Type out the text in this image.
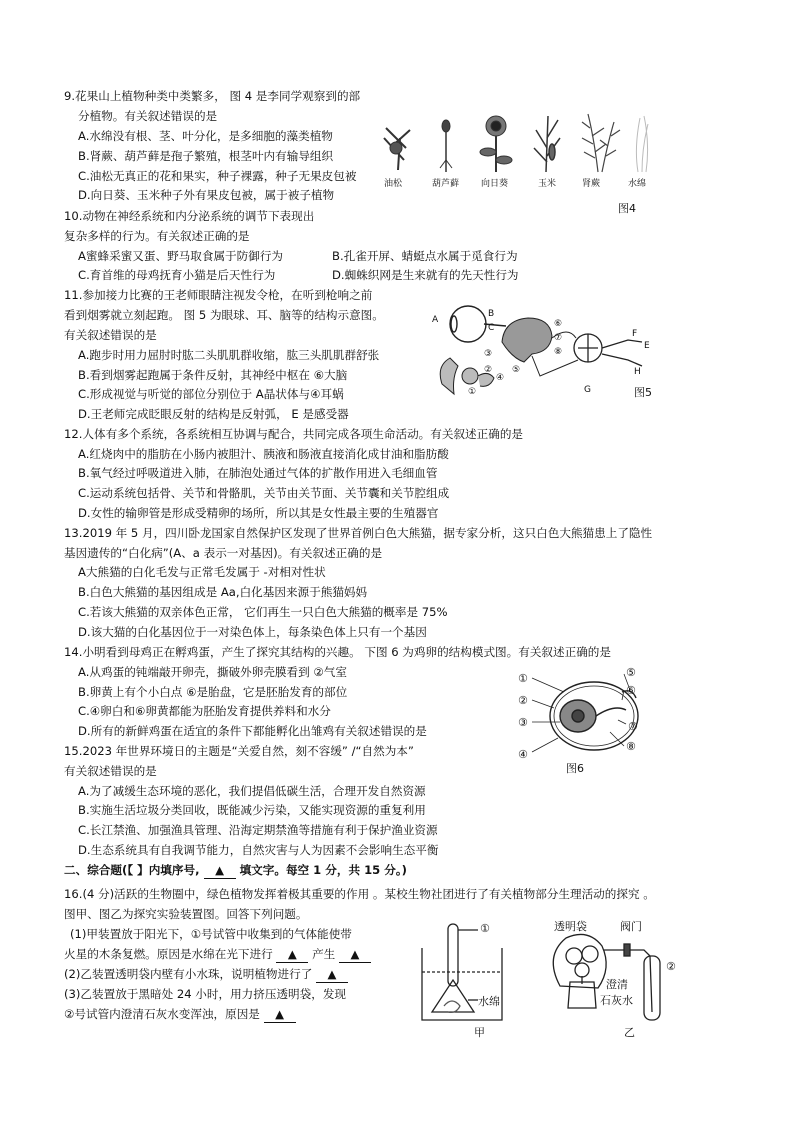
9.花果山上植物种类中类繁多， 图 4 是李同学观察到的部
分植物。有关叙述错误的是
A.水绵没有根、茎、叶分化，是多细胞的藻类植物
B.肾蕨、葫芦藓是孢子繁殖，根茎叶内有输导组织
C.油松无真正的花和果实，种子裸露，种子无果皮包被
D.向日葵、玉米种子外有果皮包被，属于被子植物
油松	葫芦藓 向日葵	玉米	肾蕨	水绵
图4
10.动物在神经系统和内分泌系统的调节下表现出
复杂多样的行为。有关叙述正确的是
A蜜蜂采蜜又蛋、野马取食属于防御行为	B.孔雀开屏、蜻蜓点水属于觅食行为
C.育首维的母鸡抚育小猫是后天性行为	D.蜘蛛织网是生来就有的先天性行为
11.参加接力比赛的王老师眼睛注视发令枪，在听到枪响之前
看到烟雾就立刻起跑。 图 5 为眼球、耳、脑等的结构示意图。
有关叙述错误的是
A.跑步时用力屈肘时肱二头肌肌群收缩，肱三头肌肌群舒张
B.看到烟雾起跑属于条件反射，其神经中枢在 ⑥大脑
C.形成视觉与听觉的部位分别位于 A晶状体与④耳蜗
D.王老师完成眨眼反射的结构是反射弧， E 是感受器
A
B
C	⑥
⑦
⑧
③
②
①
④
⑤
G
F
E
H
图5
12.人体有多个系统，各系统相互协调与配合，共同完成各项生命活动。有关叙述正确的是
A.红烧肉中的脂肪在小肠内被胆汁、胰液和肠液直接消化成甘油和脂肪酸
B.氧气经过呼吸道进入肺，在肺泡处通过气体的扩散作用进入毛细血管
C.运动系统包括骨、关节和骨骼肌，关节由关节面、关节囊和关节腔组成
D.女性的输卵管是形成受精卵的场所，所以其是女性最主要的生殖器官
13.2019 年 5 月，四川卧龙国家自然保护区发现了世界首例白色大熊猫，据专家分析，这只白色大熊猫患上了隐性
基因遗传的“白化病”(A、a 表示一对基因)。有关叙述正确的是
A大熊猫的白化毛发与正常毛发属于 -对相对性状
B.白色大熊猫的基因组成是 Aa,白化基因来源于熊猫妈妈
C.若该大熊猫的双亲体色正常， 它们再生一只白色大熊猫的概率是 75%
D.该大猫的白化基因位于一对染色体上，每条染色体上只有一个基因
14.小明看到母鸡正在孵鸡蛋，产生了探究其结构的兴趣。 下图 6 为鸡卵的结构模式图。有关叙述正确的是
A.从鸡蛋的钝端敲开卵壳，撕破外卵壳膜看到 ②气室
B.卵黄上有个小白点 ⑥是胎盘，它是胚胎发育的部位
C.④卵白和⑥卵黄都能为胚胎发育提供养料和水分
D.所有的新鲜鸡蛋在适宜的条件下都能孵化出雏鸡有关叙述错误的是
①
②
③
④
⑤
⑥
⑦
⑧
图6
15.2023 年世界环境日的主题是“关爱自然，刻不容缓” /“自然为本”
有关叙述错误的是
A.为了减缓生态环境的恶化，我们提倡低碳生活，合理开发自然资源
B.实施生活垃圾分类回收，既能减少污染，又能实现资源的重复利用
C.长江禁渔、加强渔具管理、沿海定期禁渔等措施有利于保护渔业资源
D.生态系统具有自我调节能力，自然灾害与人为因素不会影响生态平衡
二、综合题(【 】内填序号, ▲ 填文字。每空 1 分，共 15 分。)
16.(4 分)活跃的生物圈中，绿色植物发挥着极其重要的作用 。某校生物社团进行了有关植物部分生理活动的探究 。
图甲、图乙为探究实验装置图。回答下列问题。
(1)甲装置放于阳光下，①号试管中收集到的气体能使带
火星的木条复燃。原因是水绵在光下进行 ▲ 产生 ▲
(2)乙装置透明袋内壁有小水珠，说明植物进行了 ▲
(3)乙装置放于黑暗处 24 小时，用力挤压透明袋，发现
②号试管内澄清石灰水变浑浊，原因是 ▲
①
水绵
甲
透明袋	阀门
②
澄清
石灰水
乙
